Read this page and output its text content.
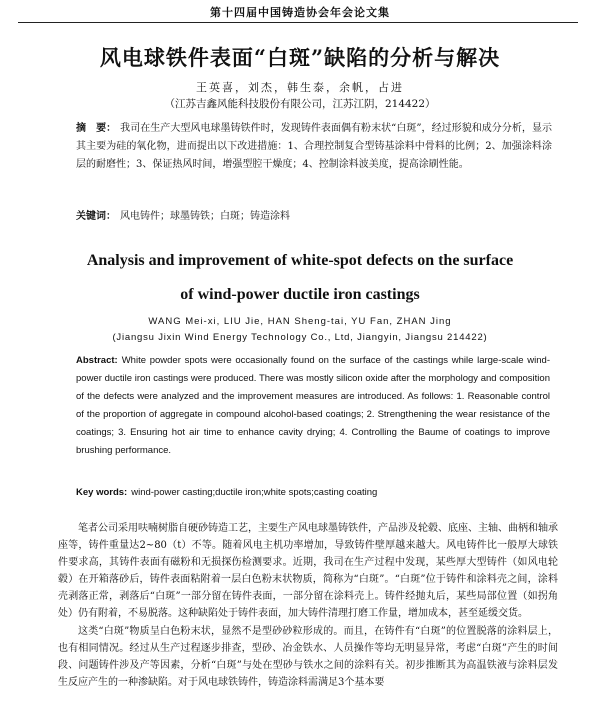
第十四届中国铸造协会年会论文集
风电球铁件表面“白斑”缺陷的分析与解决
王英喜，刘杰，韩生泰，余帆，占进
（江苏吉鑫风能科技股份有限公司，江苏江阴，214422）
摘　要： 我司在生产大型风电球墨铸铁件时，发现铸件表面偶有粉末状“白斑”，经过形貌和成分分析，显示其主要为硅的氧化物，进而提出以下改进措施：1、合理控制复合型铸基涂料中骨料的比例；2、加强涂料涂层的耐磨性；3、保证热风时间，增强型腔干燥度；4、控制涂料波美度，提高涂刷性能。
关键词： 风电铸件；球墨铸铁；白斑；铸造涂料
Analysis and improvement of white-spot defects on the surface
of wind-power ductile iron castings
WANG Mei-xi, LIU Jie, HAN Sheng-tai, YU Fan, ZHAN Jing
(Jiangsu Jixin Wind Energy Technology Co., Ltd, Jiangyin, Jiangsu 214422)
Abstract: White powder spots were occasionally found on the surface of the castings while large-scale wind-power ductile iron castings were produced. There was mostly silicon oxide after the morphology and composition of the defects were analyzed and the improvement measures are introduced. As follows: 1. Reasonable control of the proportion of aggregate in compound alcohol-based coatings; 2. Strengthening the wear resistance of the coatings; 3. Ensuring hot air time to enhance cavity drying; 4. Controlling the Baume of coatings to improve brushing performance.
Key words: wind-power casting;ductile iron;white spots;casting coating

笔者公司采用呋喃树脂自硬砂铸造工艺，主要生产风电球墨铸铁件，产品涉及轮毂、底座、主轴、曲柄和轴承座等，铸件重量达2~80（t）不等。随着风电主机功率增加，导致铸件壁厚越来越大。风电铸件比一般厚大球铁件要求高，其铸件表面有磁粉和无损探伤检测要求。近期，我司在生产过程中发现，某些厚大型铸件（如风电轮毂）在开箱落砂后，铸件表面粘附着一层白色粉末状物质，简称为“白斑”。“白斑”位于铸件和涂料壳之间，涂料壳剥落正常，剥落后“白斑”一部分留在铸件表面，一部分留在涂料壳上。铸件经抛丸后，某些局部位置（如拐角处）仍有附着，不易脱落。这种缺陷处于铸件表面，加大铸件清理打磨工作量，增加成本，甚至延缓交货。

这类“白斑”物质呈白色粉末状，显然不是型砂砂粒形成的。而且，在铸件有“白斑”的位置脱落的涂料层上，也有相同情况。经过从生产过程逐步排查，型砂、冶金铁水、人员操作等均无明显异常，考虑“白斑”产生的时间段、问题铸件涉及产等因素，分析“白斑”与处在型砂与铁水之间的涂料有关。初步推断其为高温铁液与涂料层发生反应产生的一种渗缺陷。对于风电球铁铸件，铸造涂料需满足3个基本要
